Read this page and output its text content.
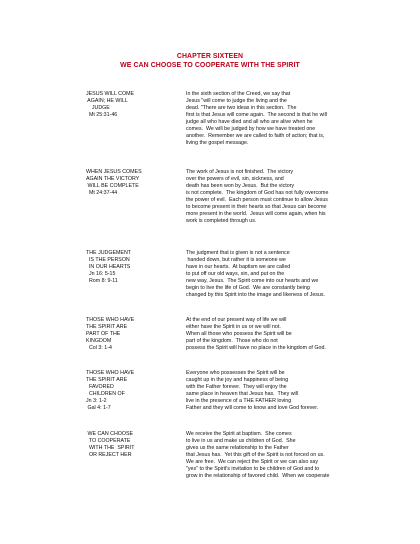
CHAPTER SIXTEEN
WE CAN CHOOSE TO COOPERATE WITH THE SPIRIT
JESUS WILL COME
AGAIN; HE WILL
JUDGE
Mt 25:31-46
In the sixth section of the Creed, we say that
Jesus "will come to judge the living and the
dead. "There are two ideas in this section.  The
first is that Jesus will come again.  The second is that he will
judge all who have died and all who are alive when he
comes.  We will be judged by how we have treated one
another.  Remember we are called to faith of action; that is,
living the gospel message.
WHEN JESUS COMES
AGAIN THE VICTORY
WILL BE COMPLETE
Mt 24:37-44
The work of Jesus is not finished.  The victory
over the powers of evil, sin, sickness, and
death has been won by Jesus.  But the victory
is not complete.  The kingdom of God has not fully overcome
the power of evil.  Each person must continue to allow Jesus
to become present in their hearts so that Jesus can become
more present in the world.  Jesus will come again, when his
work is completed through us.
THE JUDGEMENT
IS THE PERSON
IN OUR HEARTS
Jn 16: 5-15
Rom 8: 9-11
The judgment that is given is not a sentence
handed down, but rather it is someone we
have in our hearts.  At baptism we are called
to put off our old ways, sin, and put on the
new way, Jesus.  The Spirit come into our hearts and we
begin to live the life of God.  We are constantly being
changed by this Spirit into the image and likeness of Jesus.
THOSE WHO HAVE
THE SPIRIT ARE
PART OF THE
KINGDOM
Col 3: 1-4
At the end of our present way of life we will
either have the Spirit in us or we will not.
When all those who possess the Spirit will be
part of the kingdom.  Those who do not
possess the Spirit will have no place in the kingdom of God.
THOSE WHO HAVE
THE SPIRIT ARE
FAVORED
CHILDREN OF
Jn 3: 1-2
Gal 4: 1-7
Everyone who possesses the Spirit will be
caught up in the joy and happiness of being
with the Father forever.  They will enjoy the
same place in heaven that Jesus has.  They will
live in the presence of a THE FATHER loving
Father and they will come to know and love God forever.
WE CAN CHOOSE
TO COOPERATE
WITH THE  SPIRIT
OR REJECT HER
We receive the Spirit at baptism.  She comes
to live in us and make us children of God.  She
gives us the same relationship to the Father
that Jesus has.  Yet this gift of the Spirit is not forced on us.
We are free.  We can reject the Spirit or we can also say
"yes" to the Spirit's invitation to be children of God and to
grow in the relationship of favored child.  When we cooperate
